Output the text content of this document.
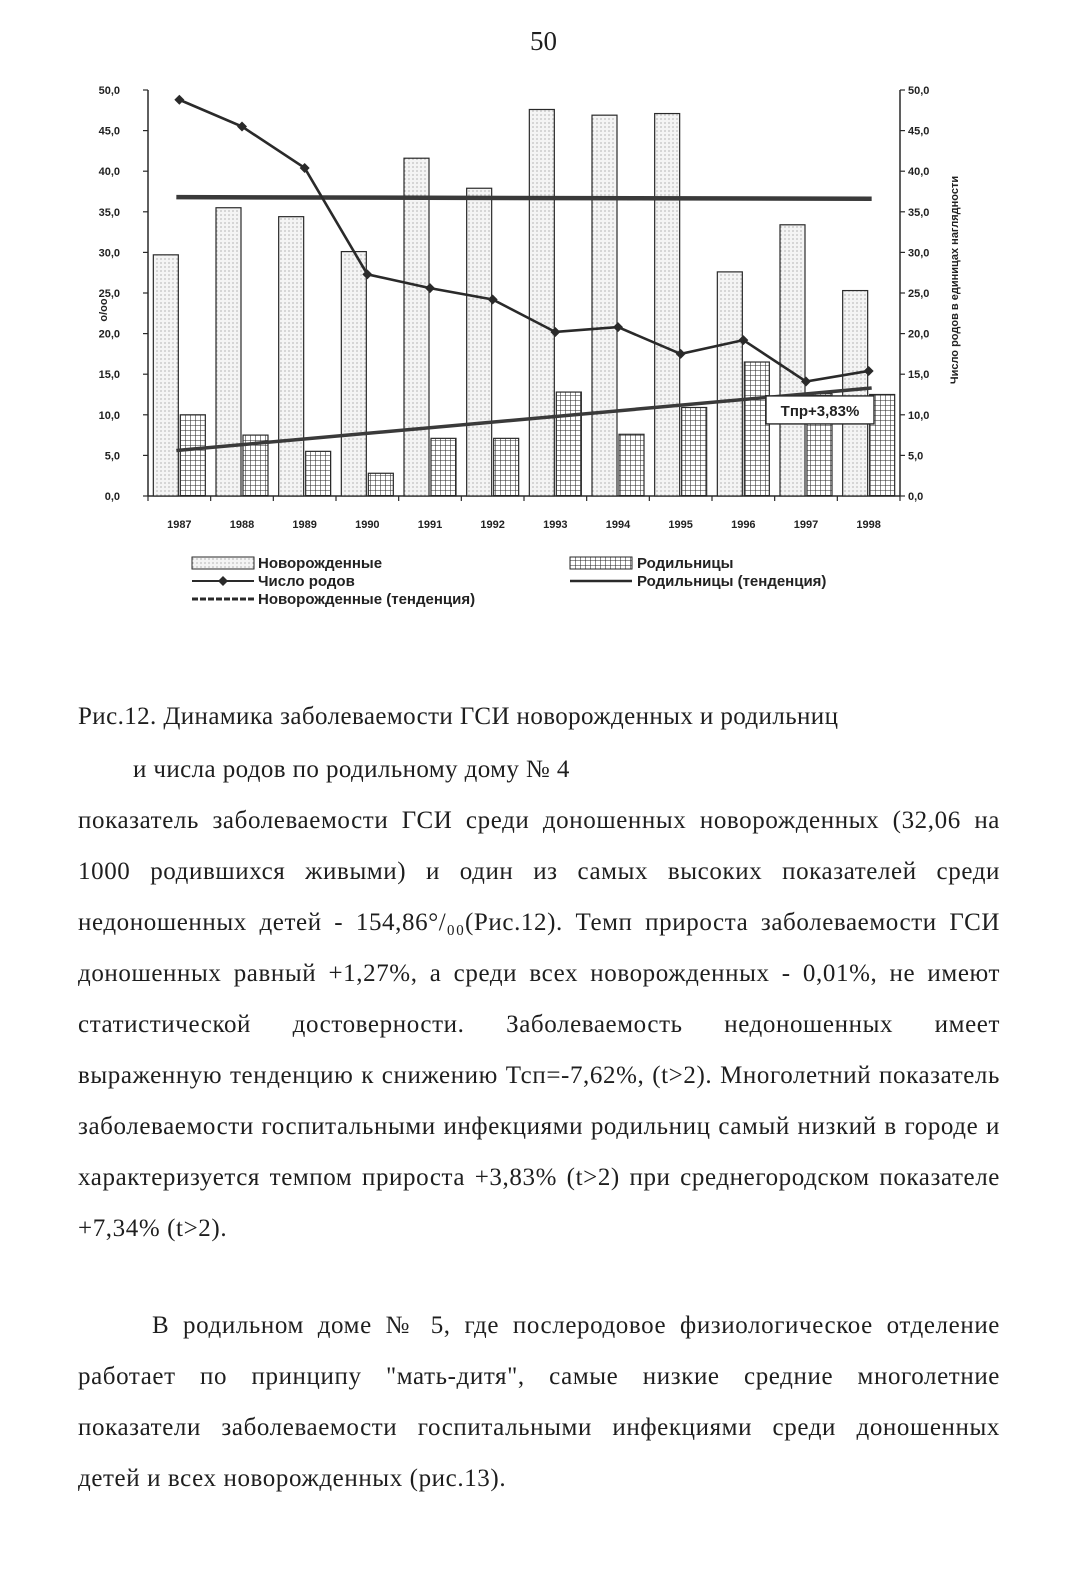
50
0,0	0,0
5,0	5,0
10,0	10,0
15,0	15,0
20,0	20,0
25,0	25,0
30,0	30,0
35,0	35,0
40,0	40,0
45,0	45,0
50,0	50,0
1987	1988	1989	1990	1991	1992	1993	1994	1995	1996	1997	1998
o/oo	Число родов в единицах наглядности
Tпр+3,83%
Новорожденные	Родильницы
Число родов	Родильницы (тенденция)
Новорожденные (тенденция)
Рис.12. Динамика заболеваемости ГСИ новорожденных и родильниц
и числа родов по родильному дому № 4
показатель заболеваемости ГСИ среди доношенных новорожденных (32,06 на 1000 родившихся живыми) и один из самых высоких показателей среди недоношенных детей - 154,86°/₀₀(Рис.12). Темп прироста заболеваемости ГСИ доношенных равный +1,27%, а среди всех новорожденных - 0,01%, не имеют статистической достоверности. Заболеваемость недоношенных имеет выраженную тенденцию к снижению Тсп=-7,62%, (t>2). Многолетний показатель заболеваемости госпитальными инфекциями родильниц самый низкий в городе и характеризуется темпом прироста +3,83% (t>2) при среднегородском показателе +7,34% (t>2).
В родильном доме № 5, где послеродовое физиологическое отделение работает по принципу "мать-дитя", самые низкие средние многолетние показатели заболеваемости госпитальными инфекциями среди доношенных детей и всех новорожденных (рис.13).
